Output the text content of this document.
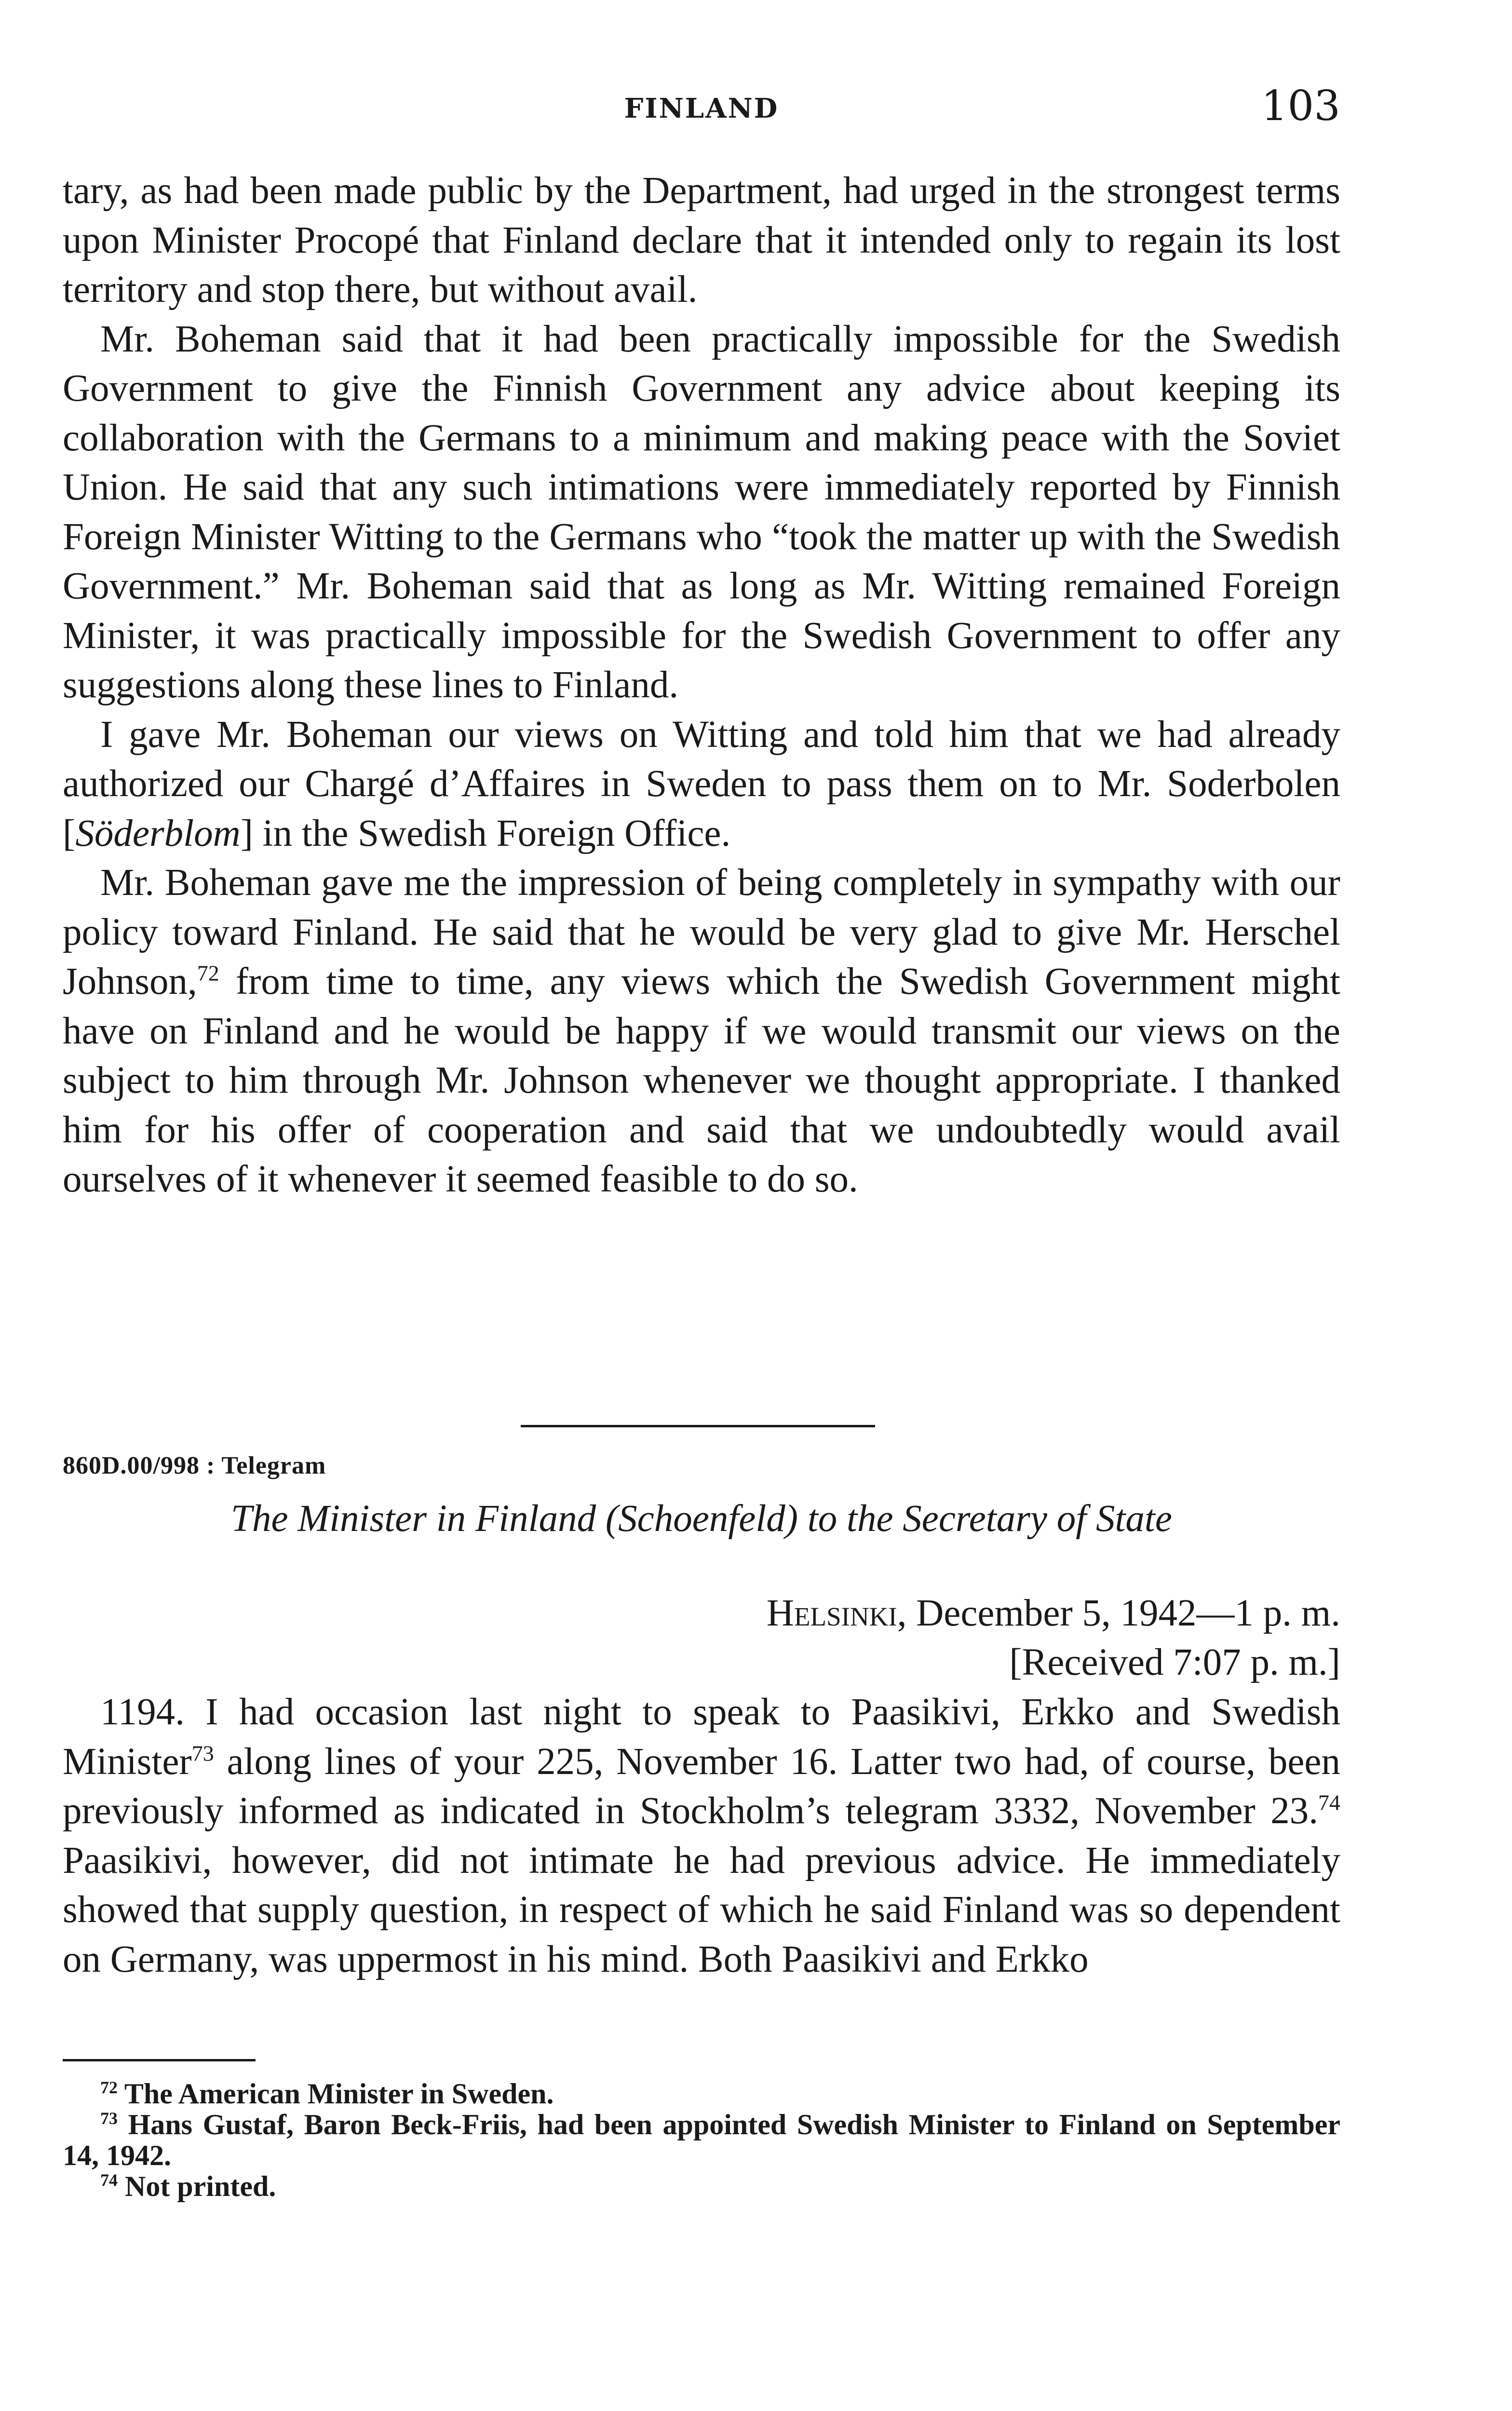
FINLAND	103

tary, as had been made public by the Department, had urged in the strongest terms upon Minister Procopé that Finland declare that it intended only to regain its lost territory and stop there, but without avail.

Mr. Boheman said that it had been practically impossible for the Swedish Government to give the Finnish Government any advice about keeping its collaboration with the Germans to a minimum and making peace with the Soviet Union. He said that any such intimations were immediately reported by Finnish Foreign Minister Witting to the Germans who “took the matter up with the Swedish Government.” Mr. Boheman said that as long as Mr. Witting remained Foreign Minister, it was practically impossible for the Swedish Government to offer any suggestions along these lines to Finland.

I gave Mr. Boheman our views on Witting and told him that we had already authorized our Chargé d’Affaires in Sweden to pass them on to Mr. Soderbolen [Söderblom] in the Swedish Foreign Office.

Mr. Boheman gave me the impression of being completely in sympathy with our policy toward Finland. He said that he would be very glad to give Mr. Herschel Johnson,$^{72}$ from time to time, any views which the Swedish Government might have on Finland and he would be happy if we would transmit our views on the subject to him through Mr. Johnson whenever we thought appropriate. I thanked him for his offer of cooperation and said that we undoubtedly would avail ourselves of it whenever it seemed feasible to do so.

860D.00/998 : Telegram
The Minister in Finland (Schoenfeld) to the Secretary of State
Helsinki, December 5, 1942—1 p. m.
[Received 7:07 p. m.]

1194. I had occasion last night to speak to Paasikivi, Erkko and Swedish Minister$^{73}$ along lines of your 225, November 16. Latter two had, of course, been previously informed as indicated in Stockholm’s telegram 3332, November 23.74 Paasikivi, however, did not intimate he had previous advice. He immediately showed that supply question, in respect of which he said Finland was so dependent on Germany, was uppermost in his mind. Both Paasikivi and Erkko

$^{72}$ The American Minister in Sweden.

$^{73}$ Hans Gustaf, Baron Beck-Friis, had been appointed Swedish Minister to Finland on September 14, 1942.

$^{74}$ Not printed.
